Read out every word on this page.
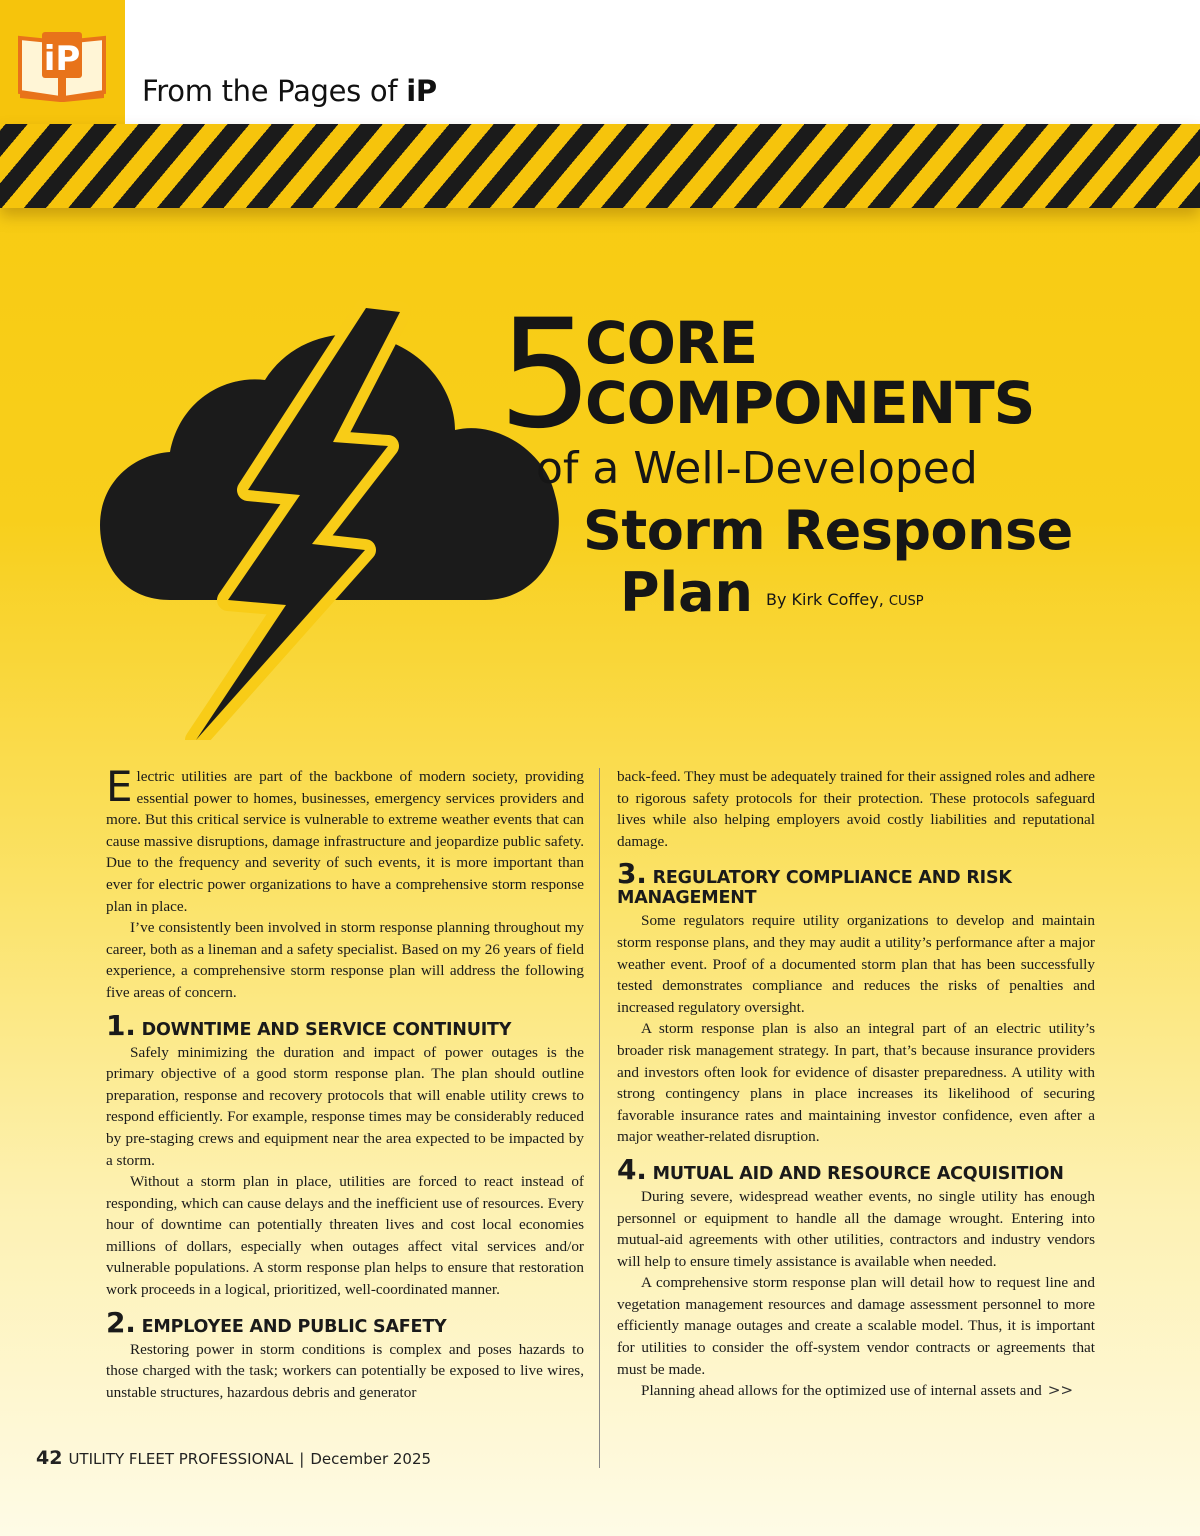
iP
From the Pages of iP
5
CORE
COMPONENTS
of a Well-Developed
Storm Response
Plan By Kirk Coffey, CUSP

Electric utilities are part of the backbone of modern society, providing essential power to homes, businesses, emergency services providers and more. But this critical service is vulnerable to extreme weather events that can cause massive disruptions, damage infrastructure and jeopardize public safety. Due to the frequency and severity of such events, it is more important than ever for electric power organizations to have a comprehensive storm response plan in place.

I’ve consistently been involved in storm response planning throughout my career, both as a lineman and a safety specialist. Based on my 26 years of field experience, a comprehensive storm response plan will address the following five areas of concern.

1. DOWNTIME AND SERVICE CONTINUITY

Safely minimizing the duration and impact of power outages is the primary objective of a good storm response plan. The plan should outline preparation, response and recovery protocols that will enable utility crews to respond efficiently. For example, response times may be considerably reduced by pre-staging crews and equipment near the area expected to be impacted by a storm.

Without a storm plan in place, utilities are forced to react instead of responding, which can cause delays and the inefficient use of resources. Every hour of downtime can potentially threaten lives and cost local economies millions of dollars, especially when outages affect vital services and/or vulnerable populations. A storm response plan helps to ensure that restoration work proceeds in a logical, prioritized, well-coordinated manner.

2. EMPLOYEE AND PUBLIC SAFETY

Restoring power in storm conditions is complex and poses hazards to those charged with the task; workers can potentially be exposed to live wires, unstable structures, hazardous debris and generator

back-feed. They must be adequately trained for their assigned roles and adhere to rigorous safety protocols for their protection. These protocols safeguard lives while also helping employers avoid costly liabilities and reputational damage.

3. REGULATORY COMPLIANCE AND RISK MANAGEMENT

Some regulators require utility organizations to develop and maintain storm response plans, and they may audit a utility’s performance after a major weather event. Proof of a documented storm plan that has been successfully tested demonstrates compliance and reduces the risks of penalties and increased regulatory oversight.

A storm response plan is also an integral part of an electric utility’s broader risk management strategy. In part, that’s because insurance providers and investors often look for evidence of disaster preparedness. A utility with strong contingency plans in place increases its likelihood of securing favorable insurance rates and maintaining investor confidence, even after a major weather-related disruption.

4. MUTUAL AID AND RESOURCE ACQUISITION

During severe, widespread weather events, no single utility has enough personnel or equipment to handle all the damage wrought. Entering into mutual-aid agreements with other utilities, contractors and industry vendors will help to ensure timely assistance is available when needed.

A comprehensive storm response plan will detail how to request line and vegetation management resources and damage assessment personnel to more efficiently manage outages and create a scalable model. Thus, it is important for utilities to consider the off-system vendor contracts or agreements that must be made.

Planning ahead allows for the optimized use of internal assets and >>

42 UTILITY FLEET PROFESSIONAL | December 2025
